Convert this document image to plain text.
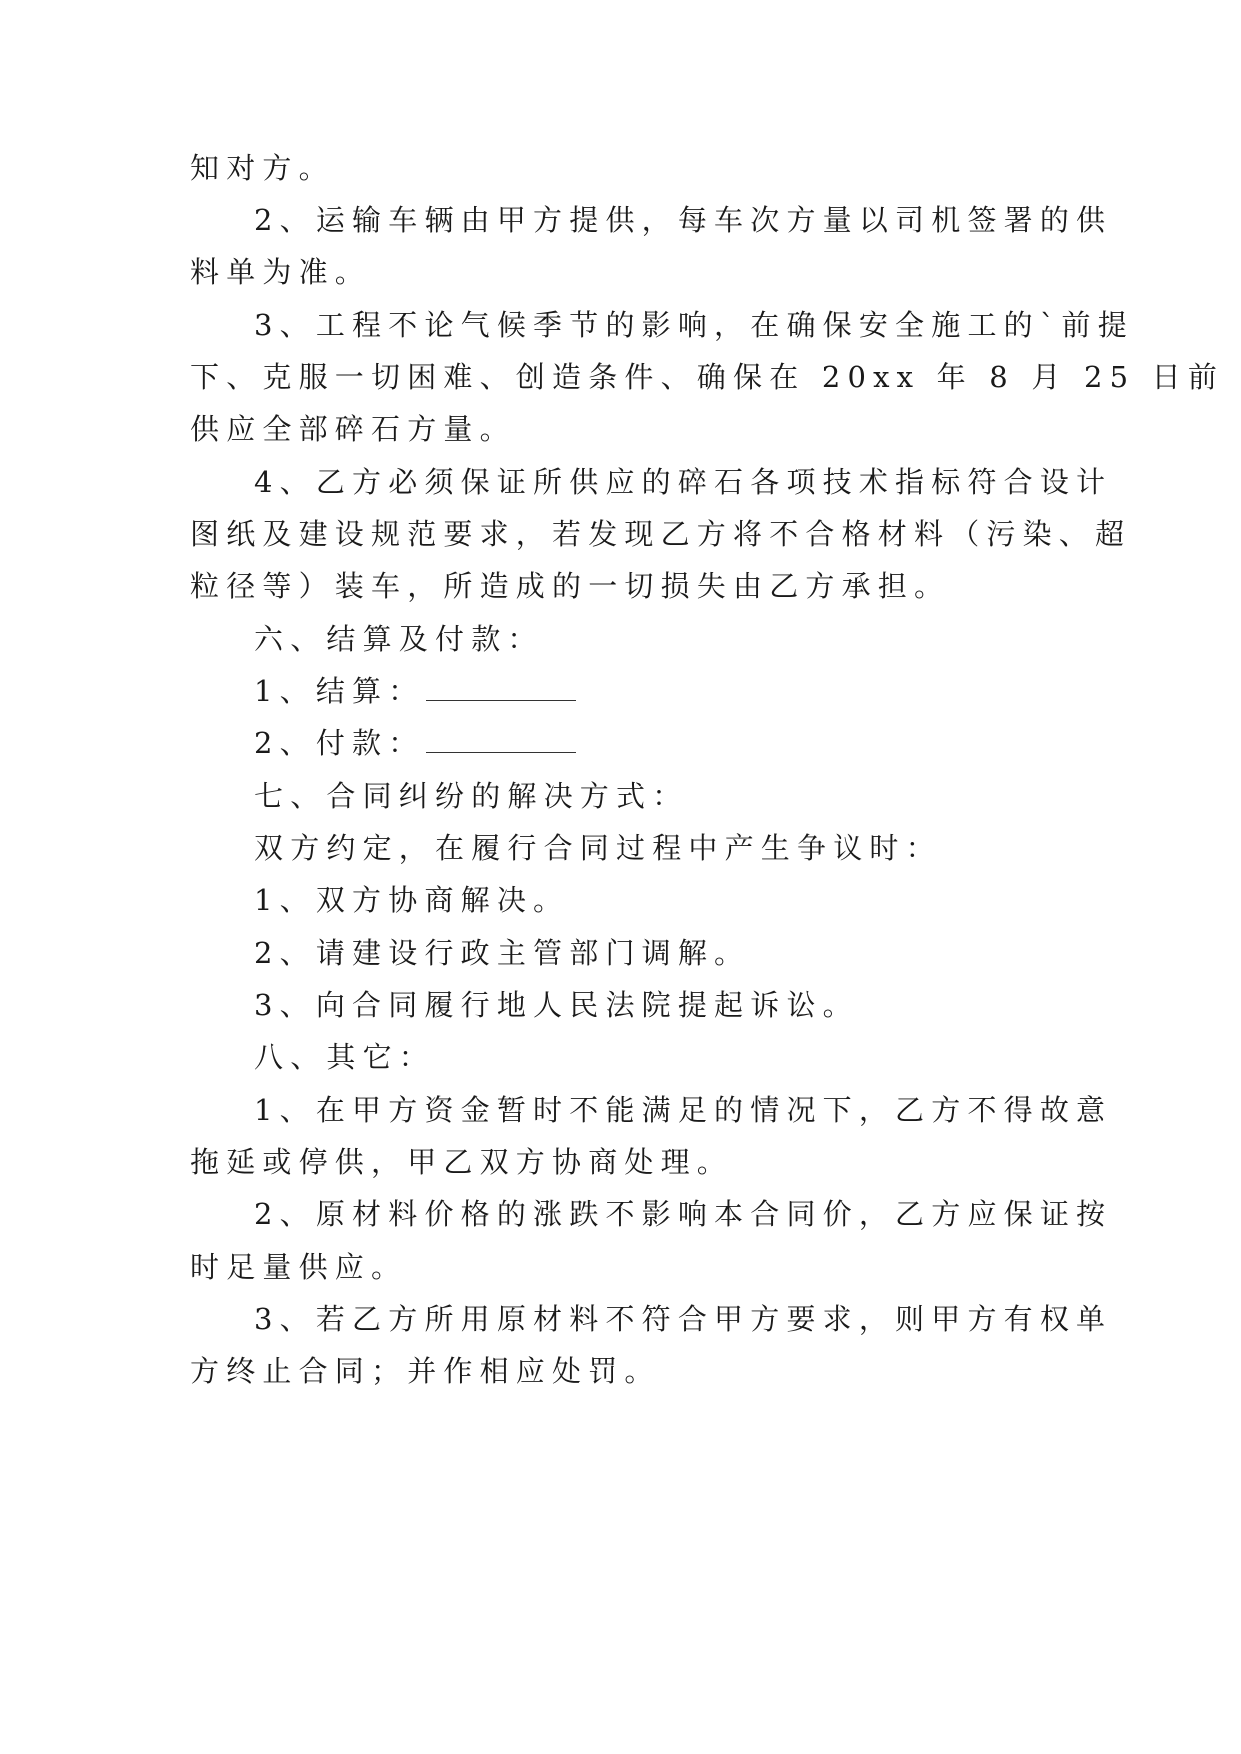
知对方。
2、运输车辆由甲方提供，每车次方量以司机签署的供
料单为准。
3、工程不论气候季节的影响，在确保安全施工的`前提
下、克服一切困难、创造条件、确保在 20xx 年 8 月 25 日前
供应全部碎石方量。
4、乙方必须保证所供应的碎石各项技术指标符合设计
图纸及建设规范要求，若发现乙方将不合格材料（污染、超
粒径等）装车，所造成的一切损失由乙方承担。
六、结算及付款：
1、结算：
2、付款：
七、合同纠纷的解决方式：
双方约定，在履行合同过程中产生争议时：
1、双方协商解决。
2、请建设行政主管部门调解。
3、向合同履行地人民法院提起诉讼。
八、其它：
1、在甲方资金暂时不能满足的情况下，乙方不得故意
拖延或停供，甲乙双方协商处理。
2、原材料价格的涨跌不影响本合同价，乙方应保证按
时足量供应。
3、若乙方所用原材料不符合甲方要求，则甲方有权单
方终止合同；并作相应处罚。
